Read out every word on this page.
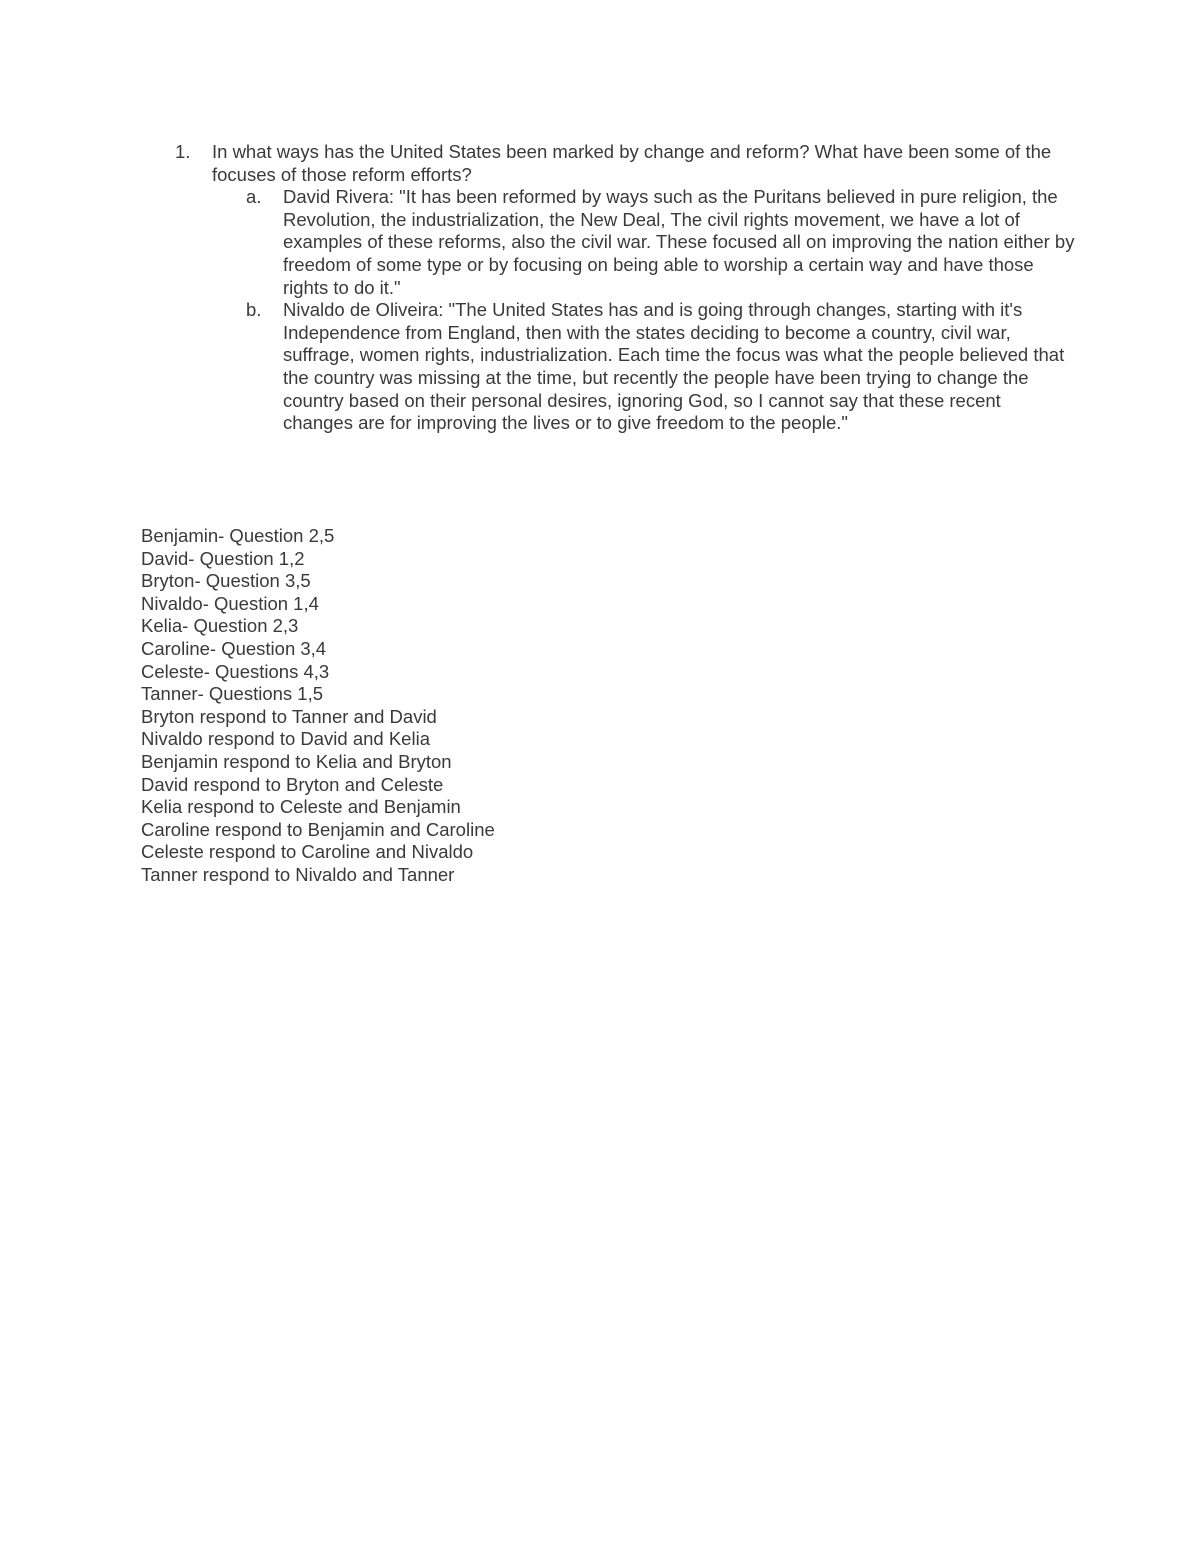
1. In what ways has the United States been marked by change and reform? What have been some of the focuses of those reform efforts?
a. David Rivera: "It has been reformed by ways such as the Puritans believed in pure religion, the Revolution, the industrialization, the New Deal, The civil rights movement, we have a lot of examples of these reforms, also the civil war. These focused all on improving the nation either by freedom of some type or by focusing on being able to worship a certain way and have those rights to do it."
b. Nivaldo de Oliveira: "The United States has and is going through changes, starting with it's Independence from England, then with the states deciding to become a country, civil war, suffrage, women rights, industrialization. Each time the focus was what the people believed that the country was missing at the time, but recently the people have been trying to change the country based on their personal desires, ignoring God, so I cannot say that these recent changes are for improving the lives or to give freedom to the people."
Benjamin- Question 2,5
David- Question 1,2
Bryton- Question 3,5
Nivaldo- Question 1,4
Kelia- Question 2,3
Caroline- Question 3,4
Celeste- Questions 4,3
Tanner- Questions 1,5
Bryton respond to Tanner and David
Nivaldo respond to David and Kelia
Benjamin respond to Kelia and Bryton
David respond to Bryton and Celeste
Kelia respond to Celeste and Benjamin
Caroline respond to Benjamin and Caroline
Celeste respond to Caroline and Nivaldo
Tanner respond to Nivaldo and Tanner
